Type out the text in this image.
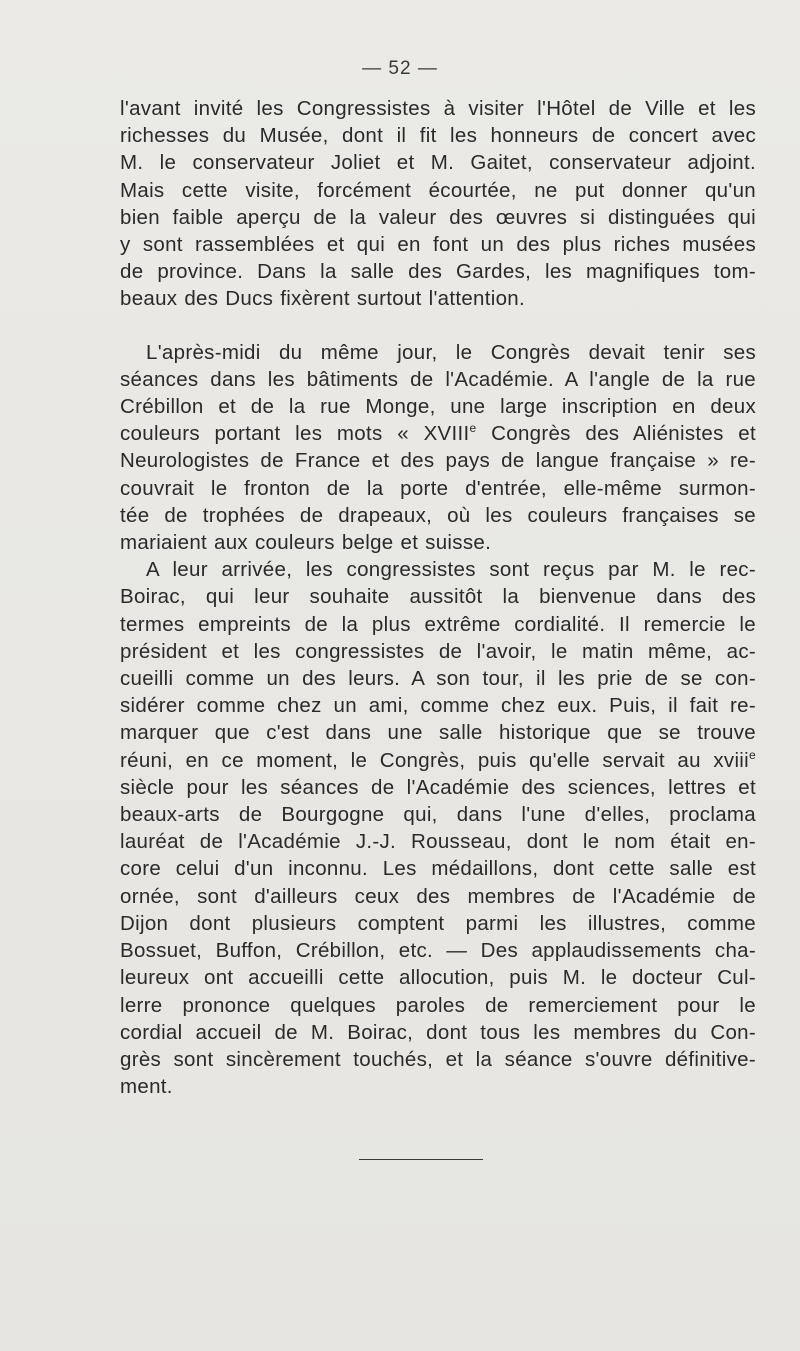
— 52 —

l'avant invité les Congressistes à visiter l'Hôtel de Ville et les
richesses du Musée, dont il fit les honneurs de concert avec
M. le conservateur Joliet et M. Gaitet, conservateur adjoint.
Mais cette visite, forcément écourtée, ne put donner qu'un
bien faible aperçu de la valeur des œuvres si distinguées qui
y sont rassemblées et qui en font un des plus riches musées
de province. Dans la salle des Gardes, les magnifiques tom-
beaux des Ducs fixèrent surtout l'attention.

L'après-midi du même jour, le Congrès devait tenir ses
séances dans les bâtiments de l'Académie. A l'angle de la rue
Crébillon et de la rue Monge, une large inscription en deux
couleurs portant les mots « XVIIIe Congrès des Aliénistes et
Neurologistes de France et des pays de langue française » re-
couvrait le fronton de la porte d'entrée, elle-même surmon-
tée de trophées de drapeaux, où les couleurs françaises se
mariaient aux couleurs belge et suisse.

A leur arrivée, les congressistes sont reçus par M. le rec-
Boirac, qui leur souhaite aussitôt la bienvenue dans des
termes empreints de la plus extrême cordialité. Il remercie le
président et les congressistes de l'avoir, le matin même, ac-
cueilli comme un des leurs. A son tour, il les prie de se con-
sidérer comme chez un ami, comme chez eux. Puis, il fait re-
marquer que c'est dans une salle historique que se trouve
réuni, en ce moment, le Congrès, puis qu'elle servait au xviii$^e$
siècle pour les séances de l'Académie des sciences, lettres et
beaux-arts de Bourgogne qui, dans l'une d'elles, proclama
lauréat de l'Académie J.-J. Rousseau, dont le nom était en-
core celui d'un inconnu. Les médaillons, dont cette salle est
ornée, sont d'ailleurs ceux des membres de l'Académie de
Dijon dont plusieurs comptent parmi les illustres, comme
Bossuet, Buffon, Crébillon, etc. — Des applaudissements cha-
leureux ont accueilli cette allocution, puis M. le docteur Cul-
lerre prononce quelques paroles de remerciement pour le
cordial accueil de M. Boirac, dont tous les membres du Con-
grès sont sincèrement touchés, et la séance s'ouvre définitive-
ment.
